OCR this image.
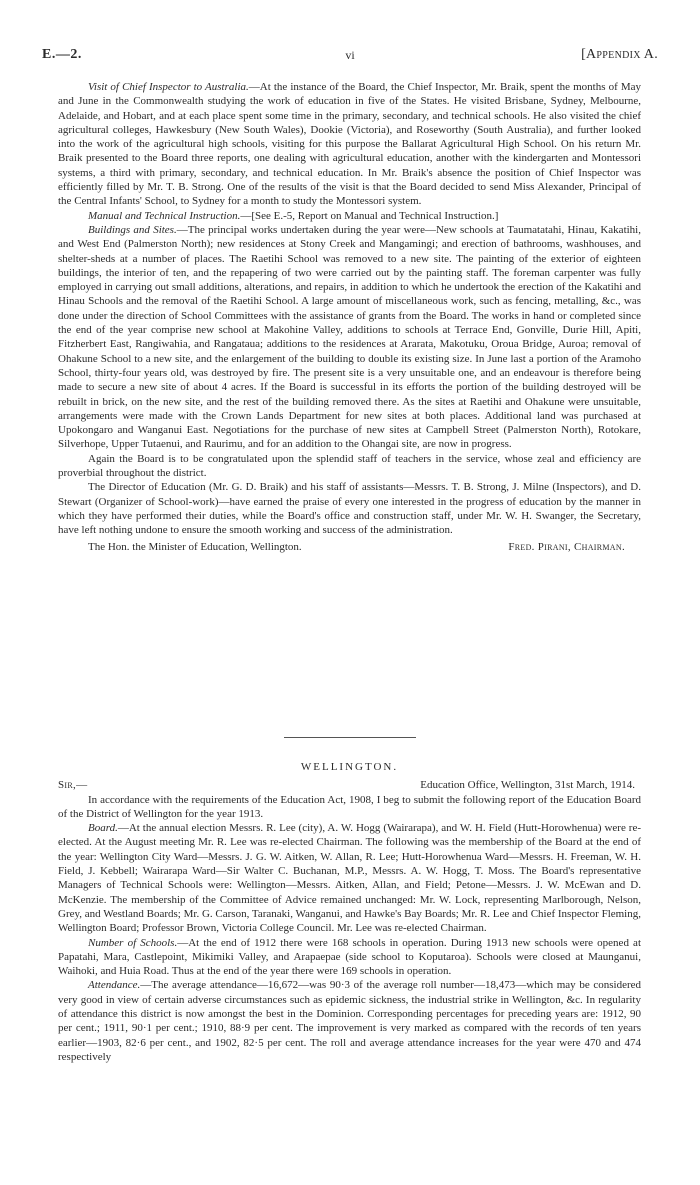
E.—2.	vi	[Appendix A.

Visit of Chief Inspector to Australia.—At the instance of the Board, the Chief Inspector, Mr. Braik, spent the months of May and June in the Commonwealth studying the work of education in five of the States. He visited Brisbane, Sydney, Melbourne, Adelaide, and Hobart, and at each place spent some time in the primary, secondary, and technical schools. He also visited the chief agricultural colleges, Hawkesbury (New South Wales), Dookie (Victoria), and Roseworthy (South Australia), and further looked into the work of the agricultural high schools, visiting for this purpose the Ballarat Agricultural High School. On his return Mr. Braik presented to the Board three reports, one dealing with agricultural education, another with the kindergarten and Montessori systems, a third with primary, secondary, and technical education. In Mr. Braik's absence the position of Chief Inspector was efficiently filled by Mr. T. B. Strong. One of the results of the visit is that the Board decided to send Miss Alexander, Principal of the Central Infants' School, to Sydney for a month to study the Montessori system.

Manual and Technical Instruction.—[See E.-5, Report on Manual and Technical Instruction.]

Buildings and Sites.—The principal works undertaken during the year were—New schools at Taumatatahi, Hinau, Kakatihi, and West End (Palmerston North); new residences at Stony Creek and Mangamingi; and erection of bathrooms, washhouses, and shelter-sheds at a number of places. The Raetihi School was removed to a new site. The painting of the exterior of eighteen buildings, the interior of ten, and the repapering of two were carried out by the painting staff. The foreman carpenter was fully employed in carrying out small additions, alterations, and repairs, in addition to which he undertook the erection of the Kakatihi and Hinau Schools and the removal of the Raetihi School. A large amount of miscellaneous work, such as fencing, metalling, &c., was done under the direction of School Committees with the assistance of grants from the Board. The works in hand or completed since the end of the year comprise new school at Makohine Valley, additions to schools at Terrace End, Gonville, Durie Hill, Apiti, Fitzherbert East, Rangiwahia, and Rangataua; additions to the residences at Ararata, Makotuku, Oroua Bridge, Auroa; removal of Ohakune School to a new site, and the enlargement of the building to double its existing size. In June last a portion of the Aramoho School, thirty-four years old, was destroyed by fire. The present site is a very unsuitable one, and an endeavour is therefore being made to secure a new site of about 4 acres. If the Board is successful in its efforts the portion of the building destroyed will be rebuilt in brick, on the new site, and the rest of the building removed there. As the sites at Raetihi and Ohakune were unsuitable, arrangements were made with the Crown Lands Department for new sites at both places. Additional land was purchased at Upokongaro and Wanganui East. Negotiations for the purchase of new sites at Campbell Street (Palmerston North), Rotokare, Silverhope, Upper Tutaenui, and Raurimu, and for an addition to the Ohangai site, are now in progress.

Again the Board is to be congratulated upon the splendid staff of teachers in the service, whose zeal and efficiency are proverbial throughout the district.

The Director of Education (Mr. G. D. Braik) and his staff of assistants—Messrs. T. B. Strong, J. Milne (Inspectors), and D. Stewart (Organizer of School-work)—have earned the praise of every one interested in the progress of education by the manner in which they have performed their duties, while the Board's office and construction staff, under Mr. W. H. Swanger, the Secretary, have left nothing undone to ensure the smooth working and success of the administration.

The Hon. the Minister of Education, Wellington.	Fred. Pirani, Chairman.

WELLINGTON.

Sir,—	Education Office, Wellington, 31st March, 1914.

In accordance with the requirements of the Education Act, 1908, I beg to submit the following report of the Education Board of the District of Wellington for the year 1913.

Board.—At the annual election Messrs. R. Lee (city), A. W. Hogg (Wairarapa), and W. H. Field (Hutt-Horowhenua) were re-elected. At the August meeting Mr. R. Lee was re-elected Chairman. The following was the membership of the Board at the end of the year: Wellington City Ward—Messrs. J. G. W. Aitken, W. Allan, R. Lee; Hutt-Horowhenua Ward—Messrs. H. Freeman, W. H. Field, J. Kebbell; Wairarapa Ward—Sir Walter C. Buchanan, M.P., Messrs. A. W. Hogg, T. Moss. The Board's representative Managers of Technical Schools were: Wellington—Messrs. Aitken, Allan, and Field; Petone—Messrs. J. W. McEwan and D. McKenzie. The membership of the Committee of Advice remained unchanged: Mr. W. Lock, representing Marlborough, Nelson, Grey, and Westland Boards; Mr. G. Carson, Taranaki, Wanganui, and Hawke's Bay Boards; Mr. R. Lee and Chief Inspector Fleming, Wellington Board; Professor Brown, Victoria College Council. Mr. Lee was re-elected Chairman.

Number of Schools.—At the end of 1912 there were 168 schools in operation. During 1913 new schools were opened at Papatahi, Mara, Castlepoint, Mikimiki Valley, and Arapaepae (side school to Koputaroa). Schools were closed at Maunganui, Waihoki, and Huia Road. Thus at the end of the year there were 169 schools in operation.

Attendance.—The average attendance—16,672—was 90·3 of the average roll number—18,473—which may be considered very good in view of certain adverse circumstances such as epidemic sickness, the industrial strike in Wellington, &c. In regularity of attendance this district is now amongst the best in the Dominion. Corresponding percentages for preceding years are: 1912, 90 per cent.; 1911, 90·1 per cent.; 1910, 88·9 per cent. The improvement is very marked as compared with the records of ten years earlier—1903, 82·6 per cent., and 1902, 82·5 per cent. The roll and average attendance increases for the year were 470 and 474 respectively
